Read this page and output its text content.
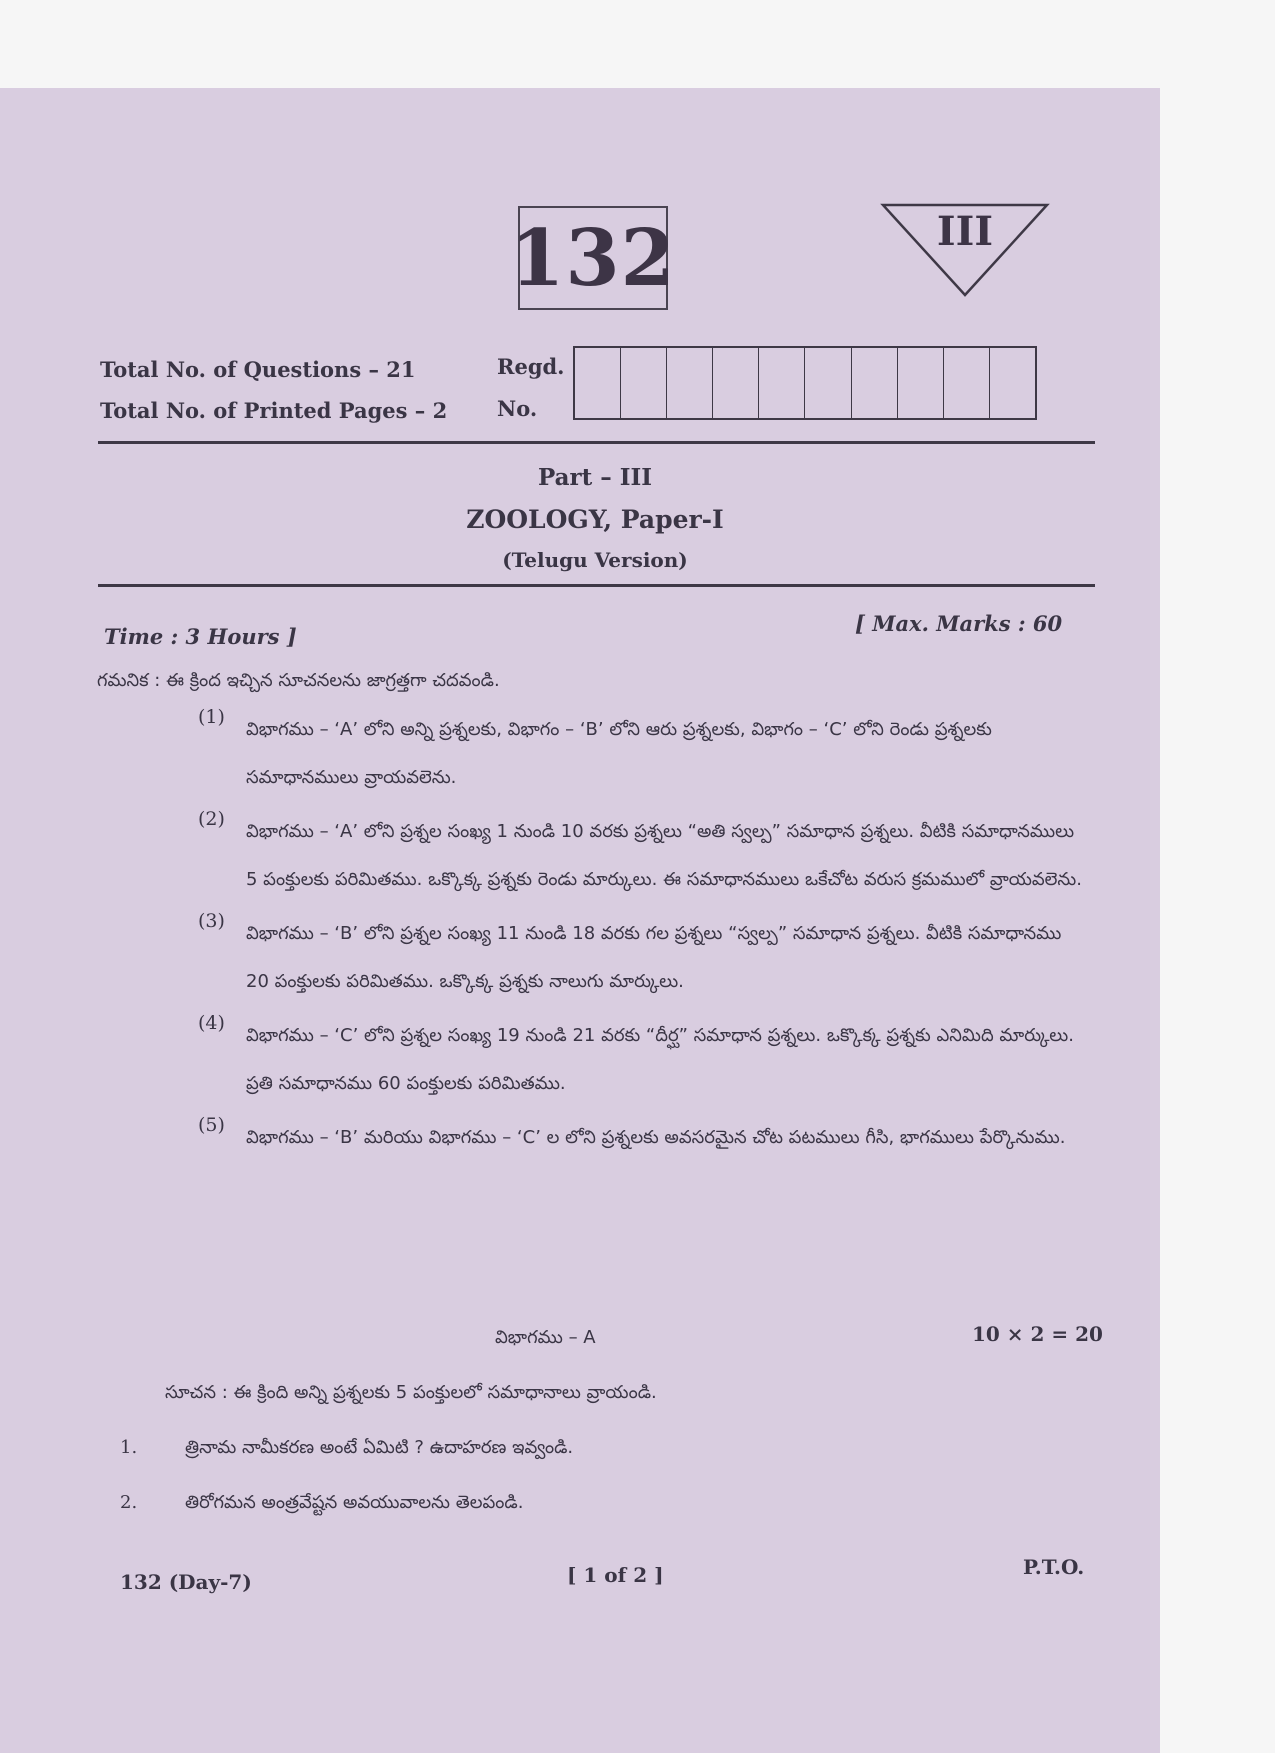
132	III
Total No. of Questions – 21
Total No. of Printed Pages – 2
Regd.
No.
Part – III
ZOOLOGY, Paper-I
(Telugu Version)
Time : 3 Hours ]
[ Max. Marks : 60
గమనిక : ఈ క్రింద ఇచ్చిన సూచనలను జాగ్రత్తగా చదవండి.
(1)
విభాగము – ‘A’ లోని అన్ని ప్రశ్నలకు, విభాగం – ‘B’ లోని ఆరు ప్రశ్నలకు, విభాగం – ‘C’ లోని రెండు ప్రశ్నలకు సమాధానములు వ్రాయవలెను.
(2)
విభాగము – ‘A’ లోని ప్రశ్నల సంఖ్య 1 నుండి 10 వరకు ప్రశ్నలు “అతి స్వల్ప” సమాధాన ప్రశ్నలు. వీటికి సమాధానములు 5 పంక్తులకు పరిమితము. ఒక్కొక్క ప్రశ్నకు రెండు మార్కులు. ఈ సమాధానములు ఒకేచోట వరుస క్రమములో వ్రాయవలెను.
(3)
విభాగము – ‘B’ లోని ప్రశ్నల సంఖ్య 11 నుండి 18 వరకు గల ప్రశ్నలు “స్వల్ప” సమాధాన ప్రశ్నలు. వీటికి సమాధానము 20 పంక్తులకు పరిమితము. ఒక్కొక్క ప్రశ్నకు నాలుగు మార్కులు.
(4)
విభాగము – ‘C’ లోని ప్రశ్నల సంఖ్య 19 నుండి 21 వరకు “దీర్ఘ” సమాధాన ప్రశ్నలు. ఒక్కొక్క ప్రశ్నకు ఎనిమిది మార్కులు. ప్రతి సమాధానము 60 పంక్తులకు పరిమితము.
(5)
విభాగము – ‘B’ మరియు విభాగము – ‘C’ ల లోని ప్రశ్నలకు అవసరమైన చోట పటములు గీసి, భాగములు పేర్కొనుము.
విభాగము – A	10 × 2 = 20
సూచన : ఈ క్రింది అన్ని ప్రశ్నలకు 5 పంక్తులలో సమాధానాలు వ్రాయండి.
1.	త్రినామ నామీకరణ అంటే ఏమిటి ? ఉదాహరణ ఇవ్వండి.
2.	తిరోగమన అంత్రవేష్టన అవయువాలను తెలపండి.
132 (Day-7)	[ 1 of 2 ]	P.T.O.
